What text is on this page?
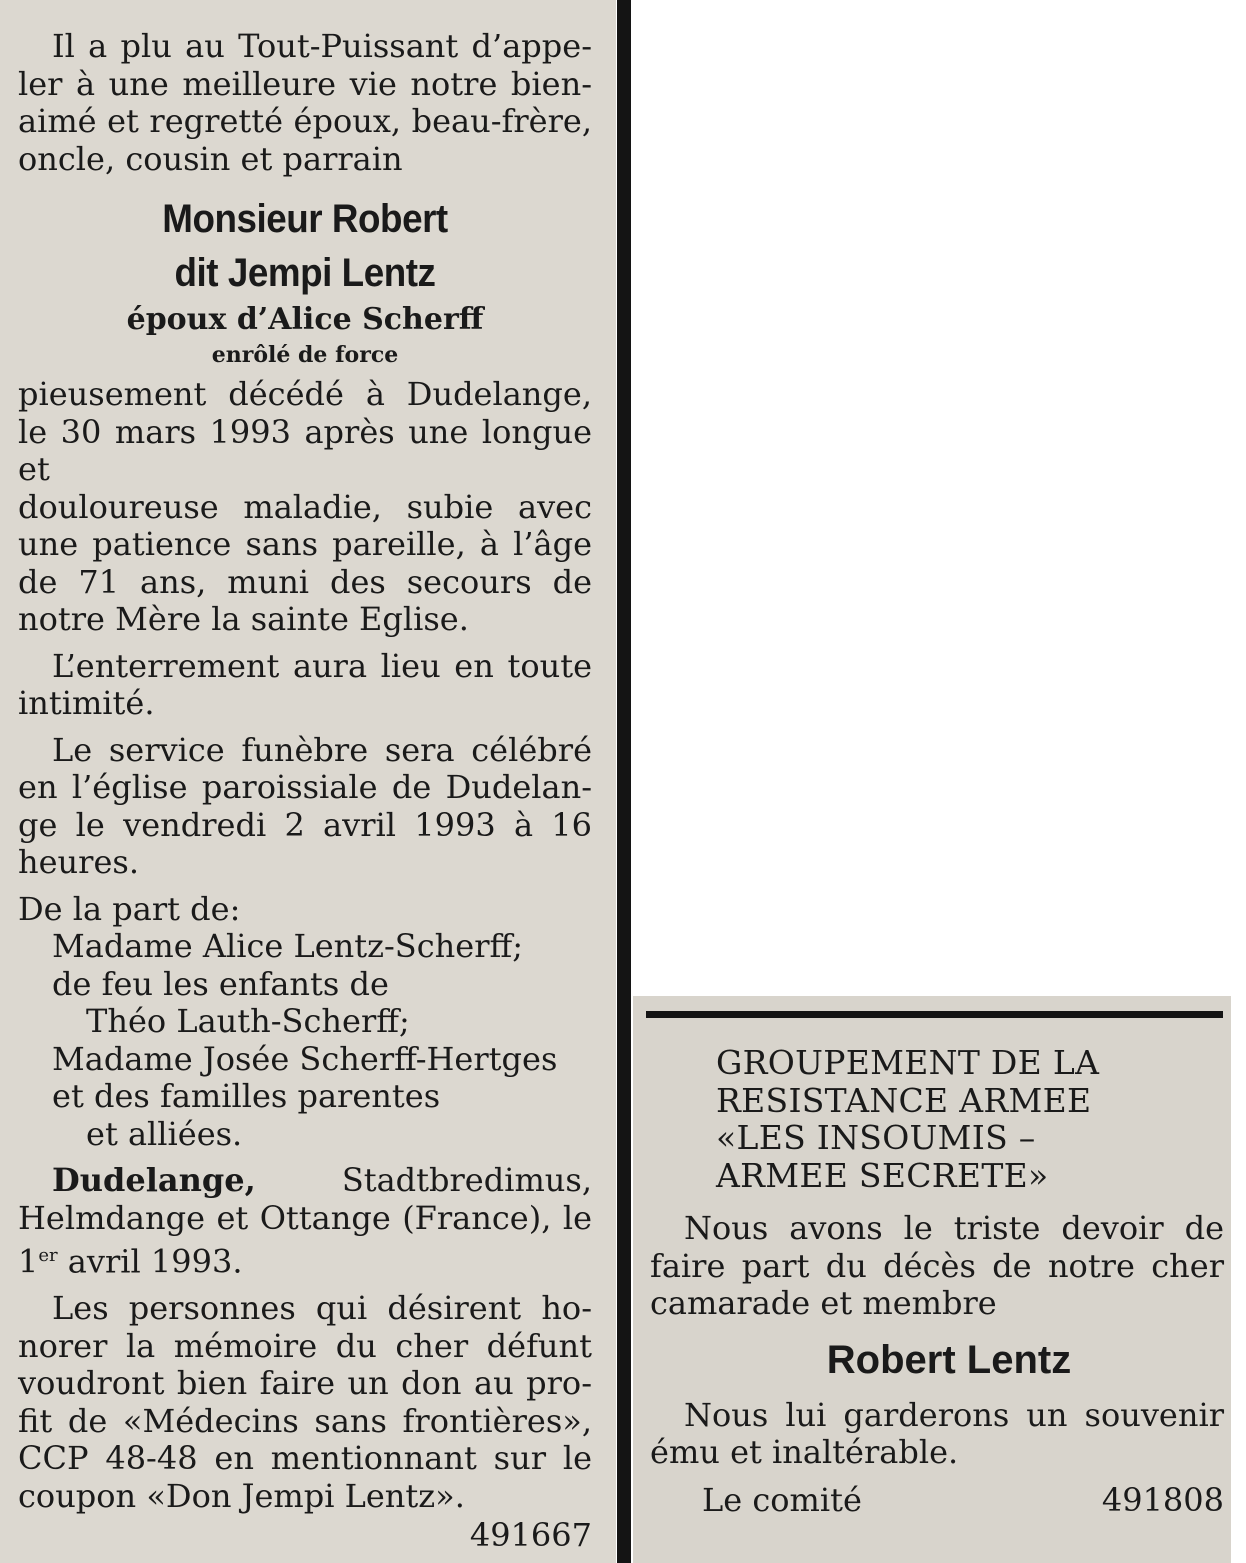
Il a plu au Tout-Puissant d’appe-

ler à une meilleure vie notre bien-

aimé et regretté époux, beau-frère,

oncle, cousin et parrain

Monsieur Robert

dit Jempi Lentz

époux d’Alice Scherff

enrôlé de force

pieusement décédé à Dudelange,

le 30 mars 1993 après une longue et

douloureuse maladie, subie avec

une patience sans pareille, à l’âge

de 71 ans, muni des secours de

notre Mère la sainte Eglise.

L’enterrement aura lieu en toute

intimité.

Le service funèbre sera célébré

en l’église paroissiale de Dudelan-

ge le vendredi 2 avril 1993 à 16

heures.

De la part de:

Madame Alice Lentz-Scherff;

de feu les enfants de

Théo Lauth-Scherff;

Madame Josée Scherff-Hertges

et des familles parentes

et alliées.

Dudelange,	Stadtbredimus,

Helmdange et Ottange (France), le

1er avril 1993.

Les personnes qui désirent ho-

norer la mémoire du cher défunt

voudront bien faire un don au pro-

fit de «Médecins sans frontières»,

CCP 48-48 en mentionnant sur le

coupon «Don Jempi Lentz».

491667

GROUPEMENT DE LA

RESISTANCE ARMEE

«LES INSOUMIS –

ARMEE SECRETE»

Nous avons le triste devoir de

faire part du décès de notre cher

camarade et membre

Robert Lentz

Nous lui garderons un souvenir

ému et inaltérable.

Le comité	491808
